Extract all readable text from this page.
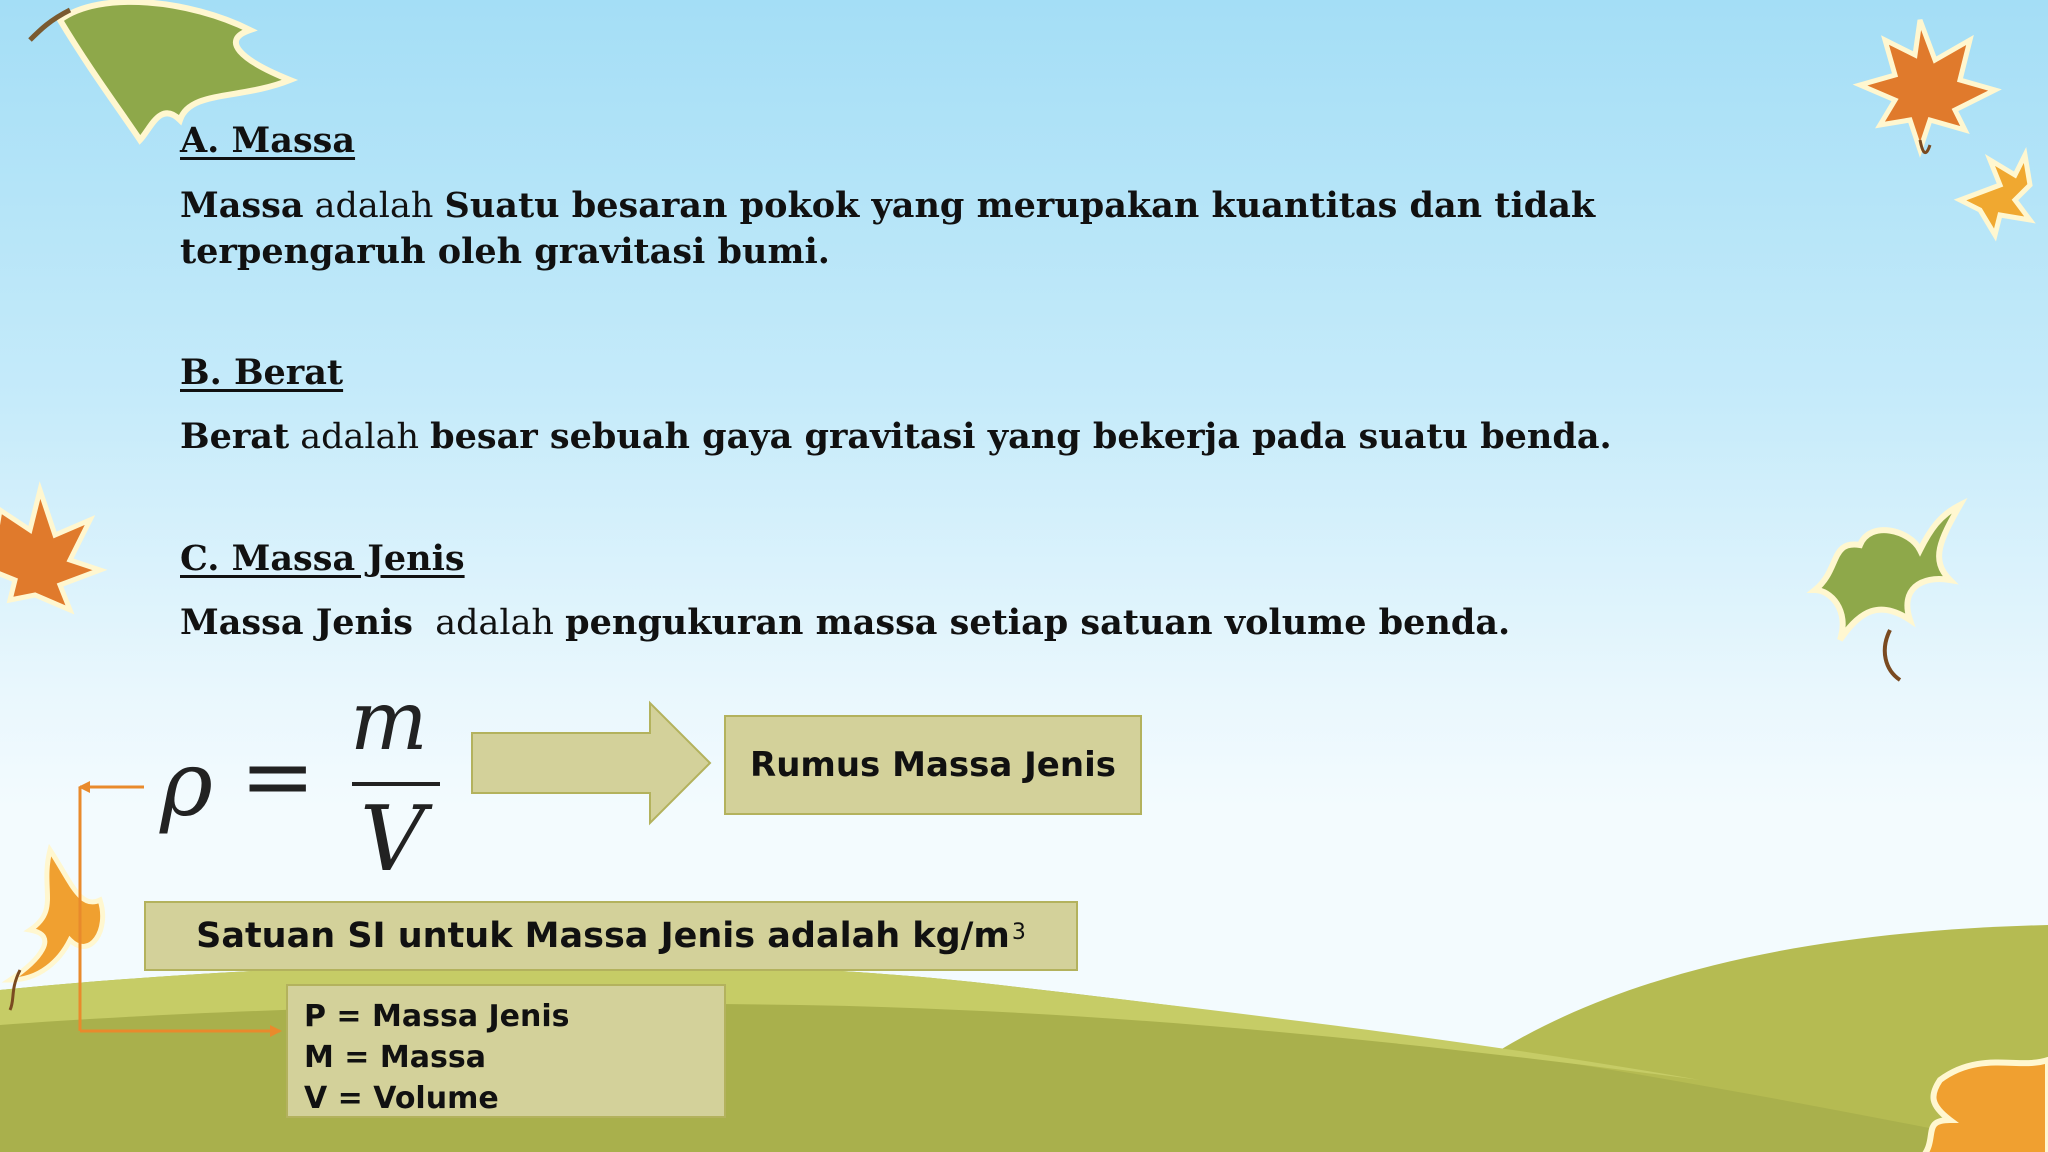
A. Massa
Massa adalah Suatu besaran pokok yang merupakan kuantitas dan tidak terpengaruh oleh gravitasi bumi.
B. Berat
Berat adalah besar sebuah gaya gravitasi yang bekerja pada suatu benda.
C. Massa Jenis
Massa Jenis adalah pengukuran massa setiap satuan volume benda.
ρ =
m
V
Rumus Massa Jenis
Satuan SI untuk Massa Jenis adalah $kg/m^3$
P = Massa Jenis
M = Massa
V = Volume
